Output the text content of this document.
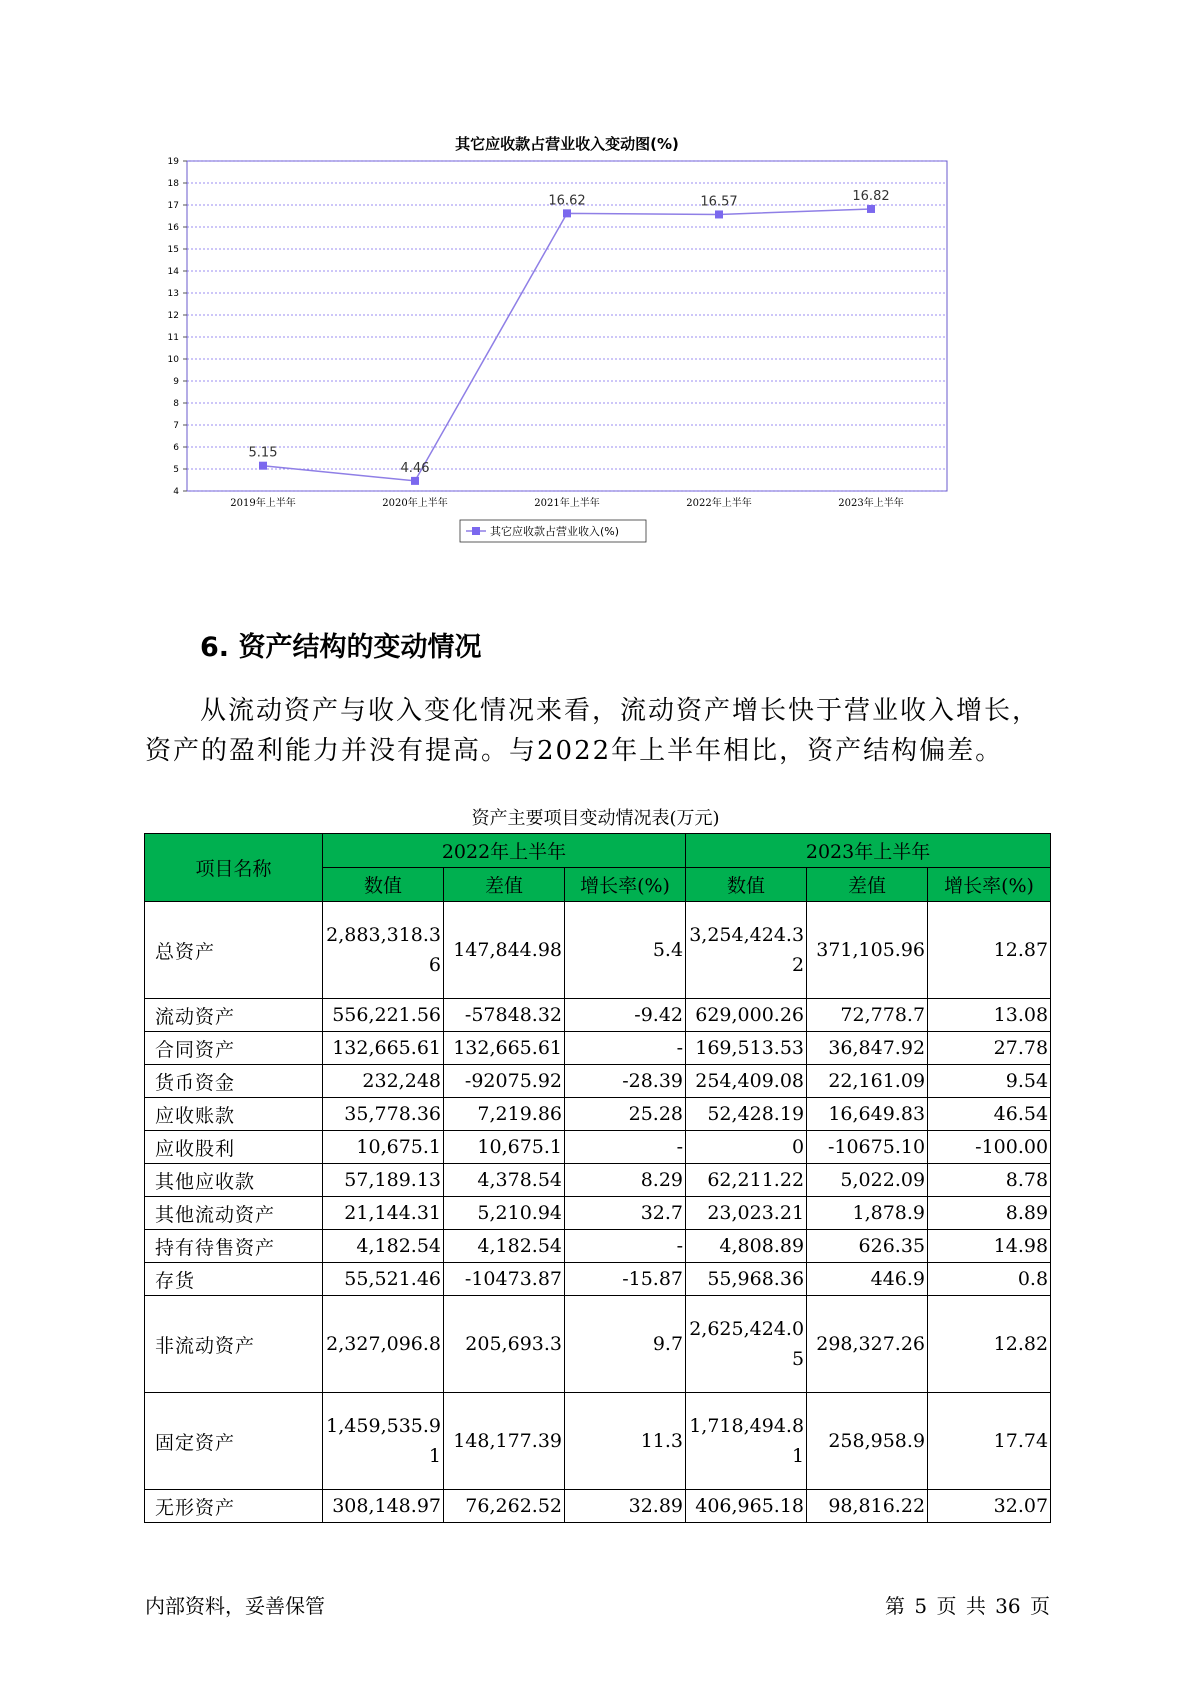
其它应收款占营业收入变动图(%)
4
5
6
7
8
9
10
11
12
13
14
15
16
17
18
19
2019年上半年	2020年上半年	2021年上半年	2022年上半年	2023年上半年
5.15
4.46
16.62	16.57	16.82
其它应收款占营业收入(%)
6. 资产结构的变动情况

从流动资产与收入变化情况来看，流动资产增长快于营业收入增长，

资产的盈利能力并没有提高。与2022年上半年相比，资产结构偏差。

资产主要项目变动情况表(万元)
项目名称	2022年上半年			2023年上半年		
	数值	差值	增长率(%)	数值	差值	增长率(%)
总资产	2,883,318.36	147,844.98	5.4	3,254,424.32	371,105.96	12.87
流动资产	556,221.56	-57848.32	-9.42	629,000.26	72,778.7	13.08
合同资产	132,665.61	132,665.61	-	169,513.53	36,847.92	27.78
货币资金	232,248	-92075.92	-28.39	254,409.08	22,161.09	9.54
应收账款	35,778.36	7,219.86	25.28	52,428.19	16,649.83	46.54
应收股利	10,675.1	10,675.1	-	0	-10675.10	-100.00
其他应收款	57,189.13	4,378.54	8.29	62,211.22	5,022.09	8.78
其他流动资产	21,144.31	5,210.94	32.7	23,023.21	1,878.9	8.89
持有待售资产	4,182.54	4,182.54	-	4,808.89	626.35	14.98
存货	55,521.46	-10473.87	-15.87	55,968.36	446.9	0.8
非流动资产	2,327,096.8	205,693.3	9.7	2,625,424.05	298,327.26	12.82
固定资产	1,459,535.91	148,177.39	11.3	1,718,494.81	258,958.9	17.74
无形资产	308,148.97	76,262.52	32.89	406,965.18	98,816.22	32.07
内部资料，妥善保管	第 5 页 共 36 页
